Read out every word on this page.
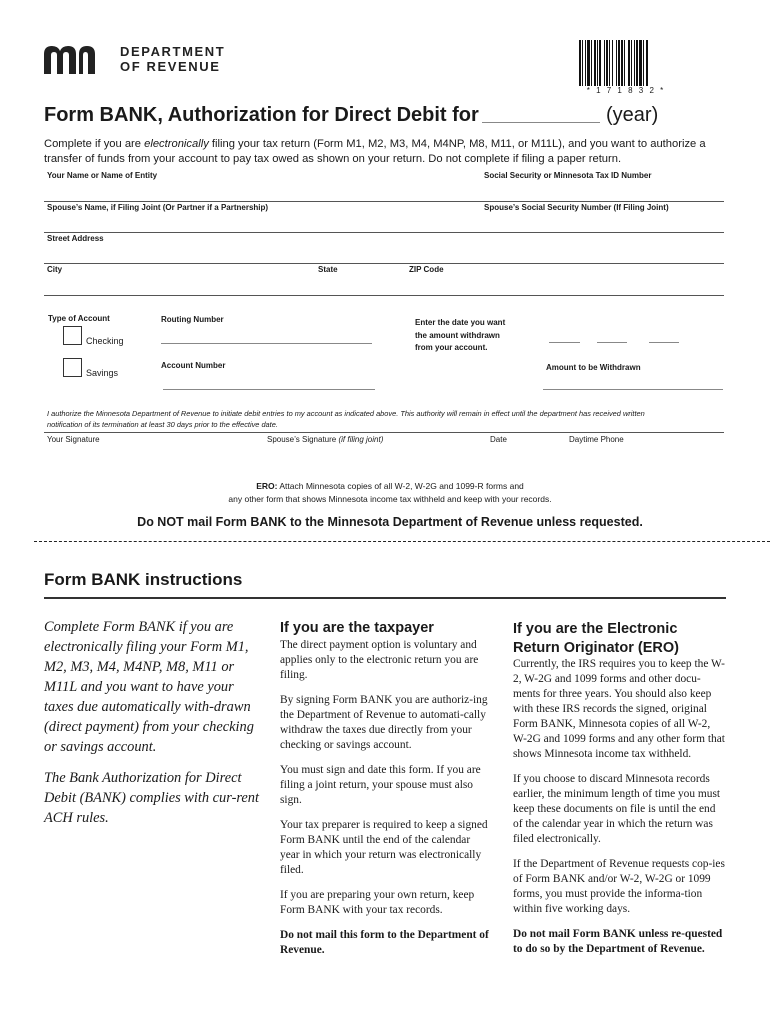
DEPARTMENT
OF REVENUE
* 1 7 1 8 3 2 *
Form BANK, Authorization for Direct Debit for	(year)
Complete if you are electronically filing your tax return (Form M1, M2, M3, M4, M4NP, M8, M11, or M11L), and you want to authorize a transfer of funds from your account to pay tax owed as shown on your return. Do not complete if filing a paper return.
Your Name or Name of Entity	Social Security or Minnesota Tax ID Number
Spouse’s Name, if Filing Joint (Or Partner if a Partnership)	Spouse’s Social Security Number (If Filing Joint)
Street Address
City	State	ZIP Code
Type of Account
Checking
Savings
Routing Number
Account Number
Enter the date you want
the amount withdrawn
from your account.
Amount to be Withdrawn
I authorize the Minnesota Department of Revenue to initiate debit entries to my account as indicated above. This authority will remain in effect until the department has received written
notification of its termination at least 30 days prior to the effective date.
Your Signature	Spouse’s Signature (if filing joint)	Date	Daytime Phone
ERO: Attach Minnesota copies of all W-2, W-2G and 1099-R forms and
any other form that shows Minnesota income tax withheld and keep with your records.
Do NOT mail Form BANK to the Minnesota Department of Revenue unless requested.
Form BANK instructions

Complete Form BANK if you are electronically filing your Form M1, M2, M3, M4, M4NP, M8, M11 or M11L and you want to have your taxes due automatically with-drawn (direct payment) from your checking or savings account.

The Bank Authorization for Direct Debit (BANK) complies with cur-rent ACH rules.

If you are the taxpayer

The direct payment option is voluntary and applies only to the electronic return you are filing.

By signing Form BANK you are authoriz-ing the Department of Revenue to automati-cally withdraw the taxes due directly from your checking or savings account.

You must sign and date this form. If you are filing a joint return, your spouse must also sign.

Your tax preparer is required to keep a signed Form BANK until the end of the calendar year in which your return was electronically filed.

If you are preparing your own return, keep Form BANK with your tax records.

Do not mail this form to the Department of Revenue.

If you are the Electronic
Return Originator (ERO)

Currently, the IRS requires you to keep the W-2, W-2G and 1099 forms and other docu-ments for three years. You should also keep with these IRS records the signed, original Form BANK, Minnesota copies of all W-2, W-2G and 1099 forms and any other form that shows Minnesota income tax withheld.

If you choose to discard Minnesota records earlier, the minimum length of time you must keep these documents on file is until the end of the calendar year in which the return was filed electronically.

If the Department of Revenue requests cop-ies of Form BANK and/or W-2, W-2G or 1099 forms, you must provide the informa-tion within five working days.

Do not mail Form BANK unless re-quested to do so by the Department of Revenue.
